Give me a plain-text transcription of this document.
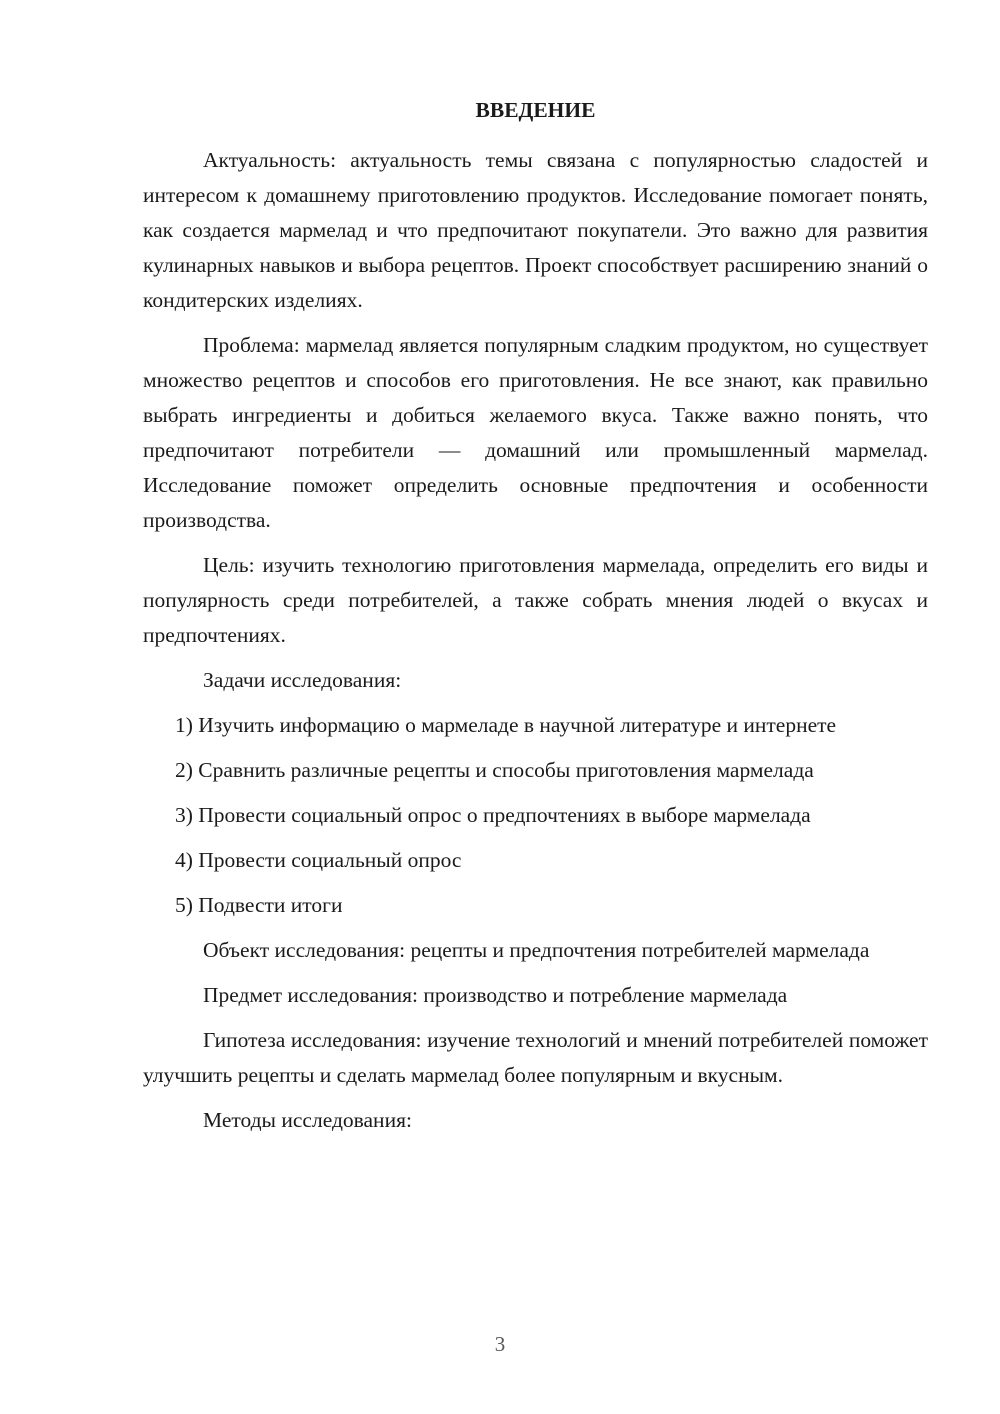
ВВЕДЕНИЕ

Актуальность: актуальность темы связана с популярностью сладостей и интересом к домашнему приготовлению продуктов. Исследование помогает понять, как создается мармелад и что предпочитают покупатели. Это важно для развития кулинарных навыков и выбора рецептов. Проект способствует расширению знаний о кондитерских изделиях.

Проблема: мармелад является популярным сладким продуктом, но существует множество рецептов и способов его приготовления. Не все знают, как правильно выбрать ингредиенты и добиться желаемого вкуса. Также важно понять, что предпочитают потребители — домашний или промышленный мармелад. Исследование поможет определить основные предпочтения и особенности производства.

Цель: изучить технологию приготовления мармелада, определить его виды и популярность среди потребителей, а также собрать мнения людей о вкусах и предпочтениях.

Задачи исследования:

1) Изучить информацию о мармеладе в научной литературе и интернете

2) Сравнить различные рецепты и способы приготовления мармелада

3) Провести социальный опрос о предпочтениях в выборе мармелада

4) Провести социальный опрос

5) Подвести итоги

Объект исследования: рецепты и предпочтения потребителей мармелада

Предмет исследования: производство и потребление мармелада

Гипотеза исследования: изучение технологий и мнений потребителей поможет улучшить рецепты и сделать мармелад более популярным и вкусным.

Методы исследования:

3
